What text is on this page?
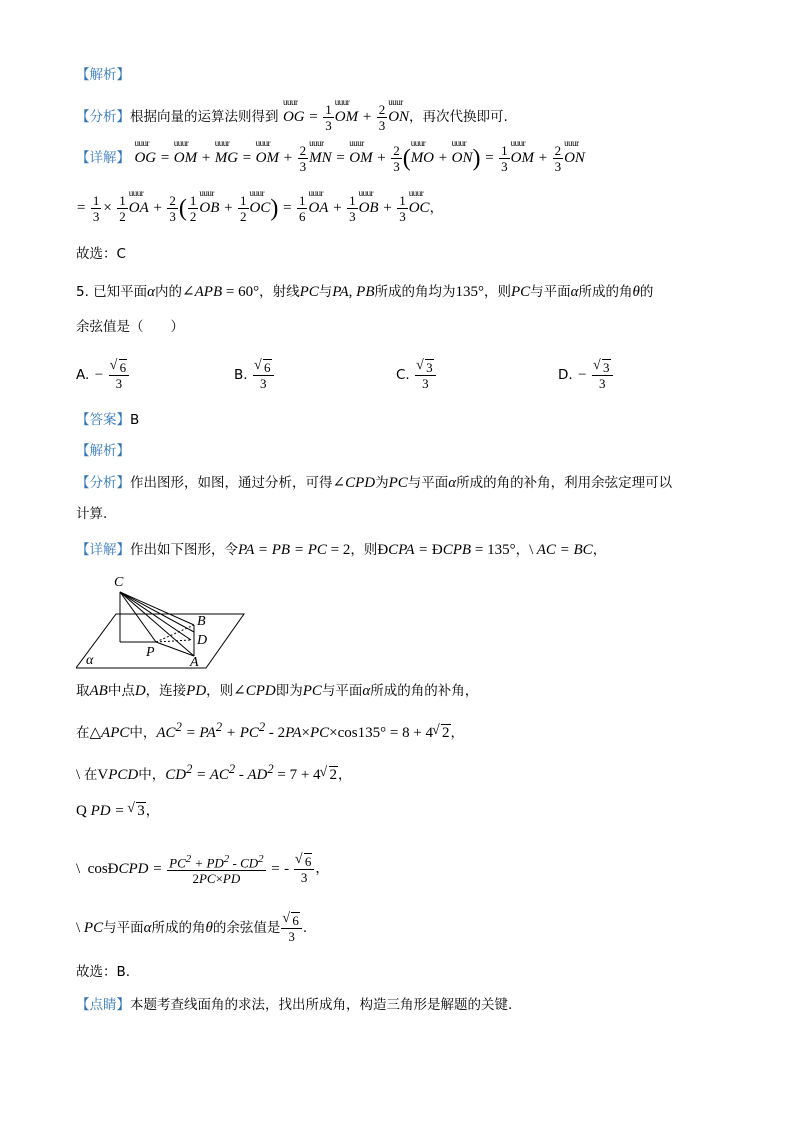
【解析】
【分析】根据向量的运算法则得到 uuur OG = $\frac{1}{3}$
uuur OM + $\frac{2}{3}$
uuur ON，再次代换即可.
【详解】 uuur OG = uuur OM + uuur MG = uuur OM + $\frac{2}{3}$
uuur MN = uuur OM + $\frac{2}{3}$ (uuur MO + uuur $ON) = \frac{1}{3}$
uuur OM + $\frac{2}{3}$
uuur ON
= $\frac{1}{3} \times \frac{1}{2}$
uuur OA + $\frac{2}{3}$ ( $\frac{1}{2}$
uuur OB + $\frac{1}{2}$
uuur $OC) = \frac{1}{6}$
uuur OA + $\frac{1}{3}$
uuur OB + $\frac{1}{3}$
uuur OC，
故选：C
5. 已知平面α内的∠APB = 60°，射线PC与PA, PB所成的角均为135°，则PC与平面α所成的角θ的
余弦值是（　　）
A. −
√ $\frac{6}{3}$	B.
√ $\frac{6}{3}$	C.
√ $\frac{3}{3}$	D. −
√ $\frac{3}{3}$
【答案】B
【解析】
【分析】作出图形，如图，通过分析，可得∠CPD为PC与平面α所成的角的补角，利用余弦定理可以
计算.
【详解】作出如下图形，令PA = PB = PC = 2，则ÐCPA = ÐCPB = 135°，\ AC = BC，
C
B
D
P
A
α
取AB中点D，连接PD，则∠CPD即为PC与平面α所成的角的补角，
在△APC中，$AC^2 = PA^2 + PC^2 - 2PA\times PC\times\cos 135^\circ = 8 + 4√$ 2，
\ 在VPCD中，$CD^2 = AC^2 - AD^2 = 7 + 4√$ 2，
Q PD = √ 3，
\  cosÐCPD = $\frac{PC^2 + PD^2 - CD^2}{2PC\times PD}$ = -
√ $\frac{6}{3}$ ，
\ PC与平面α所成的角θ的余弦值是
√ $\frac{6}{3}$ .
故选：B.
【点睛】本题考查线面角的求法，找出所成角，构造三角形是解题的关键.
